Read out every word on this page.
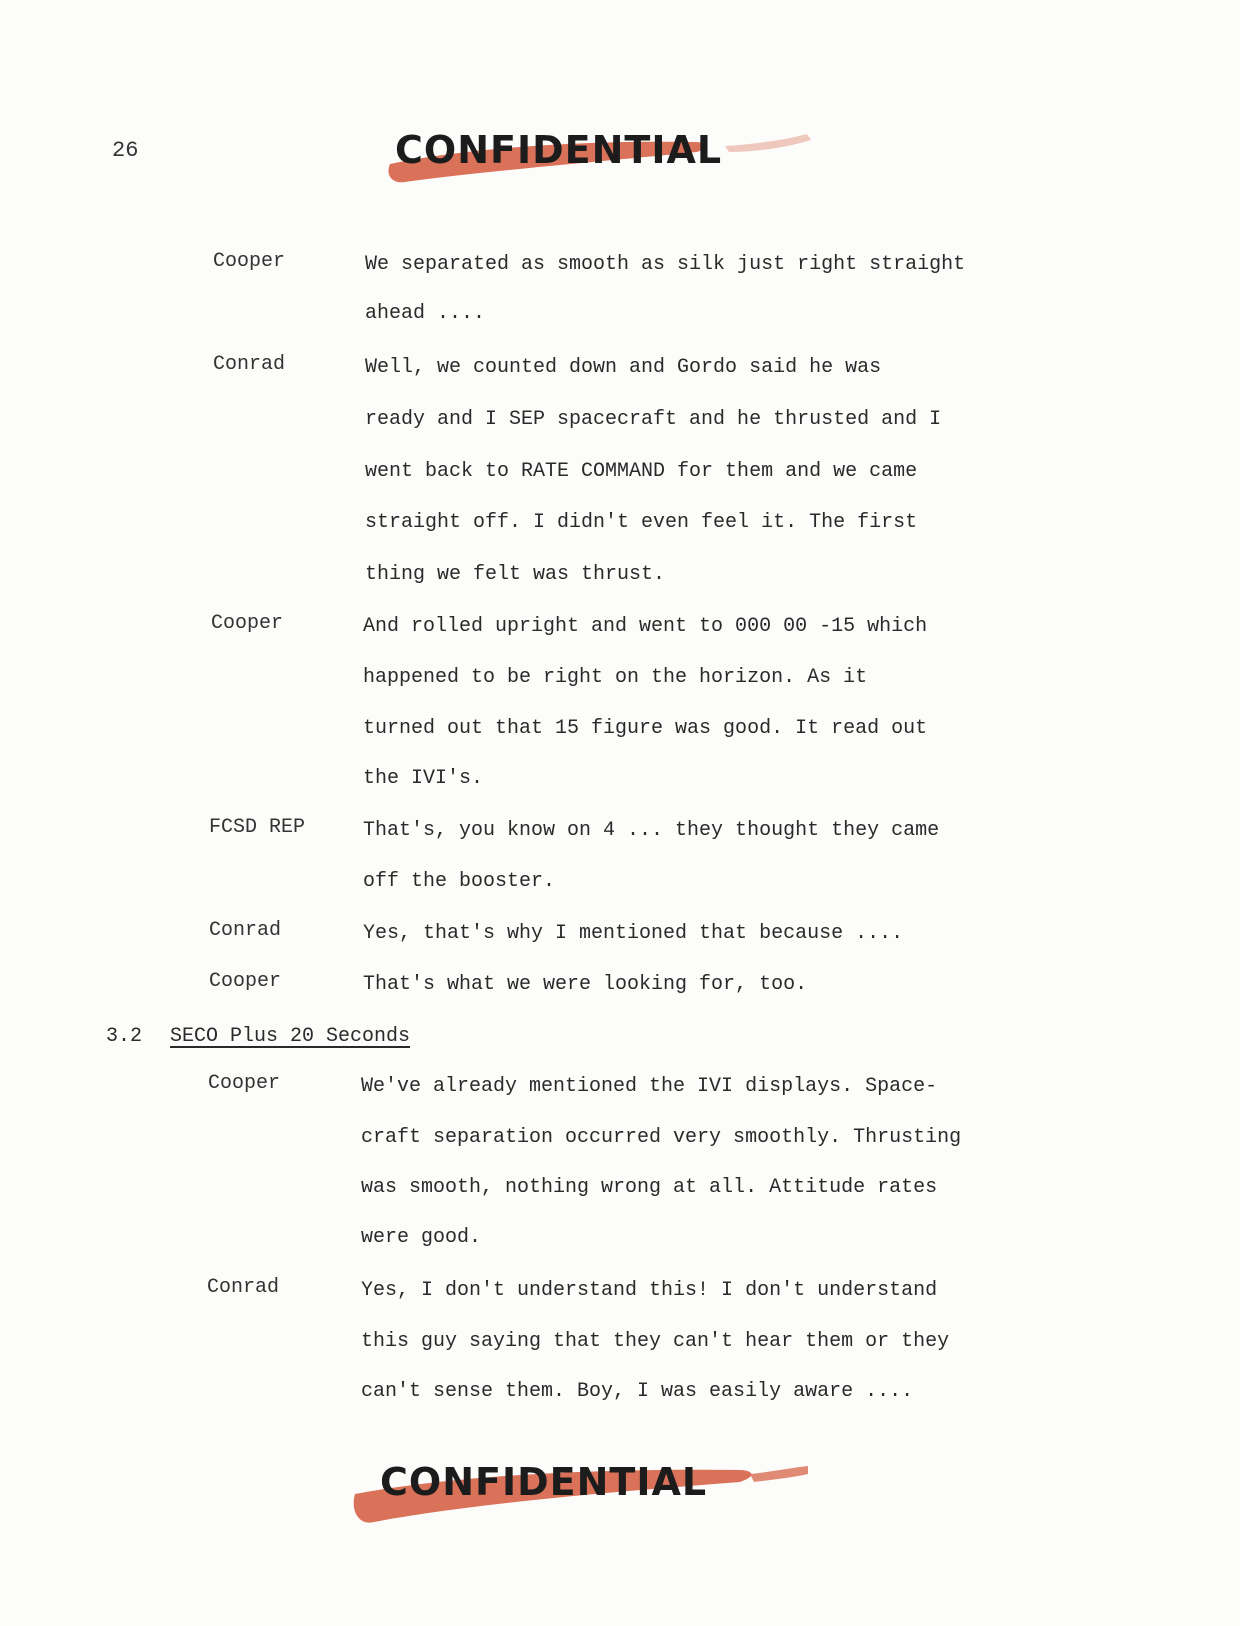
26	CONFIDENTIAL
Cooper	We separated as smooth as silk just right straight
ahead ....
Conrad	Well, we counted down and Gordo said he was
ready and I SEP spacecraft and he thrusted and I
went back to RATE COMMAND for them and we came
straight off. I didn't even feel it. The first
thing we felt was thrust.
Cooper	And rolled upright and went to 000 00 -15 which
happened to be right on the horizon. As it
turned out that 15 figure was good. It read out
the IVI's.
FCSD REP	That's, you know on 4 ... they thought they came
off the booster.
Conrad	Yes, that's why I mentioned that because ....
Cooper	That's what we were looking for, too.
3.2 SECO Plus 20 Seconds
Cooper	We've already mentioned the IVI displays. Space-
craft separation occurred very smoothly. Thrusting
was smooth, nothing wrong at all. Attitude rates
were good.
Conrad	Yes, I don't understand this! I don't understand
this guy saying that they can't hear them or they
can't sense them. Boy, I was easily aware ....
CONFIDENTIAL
